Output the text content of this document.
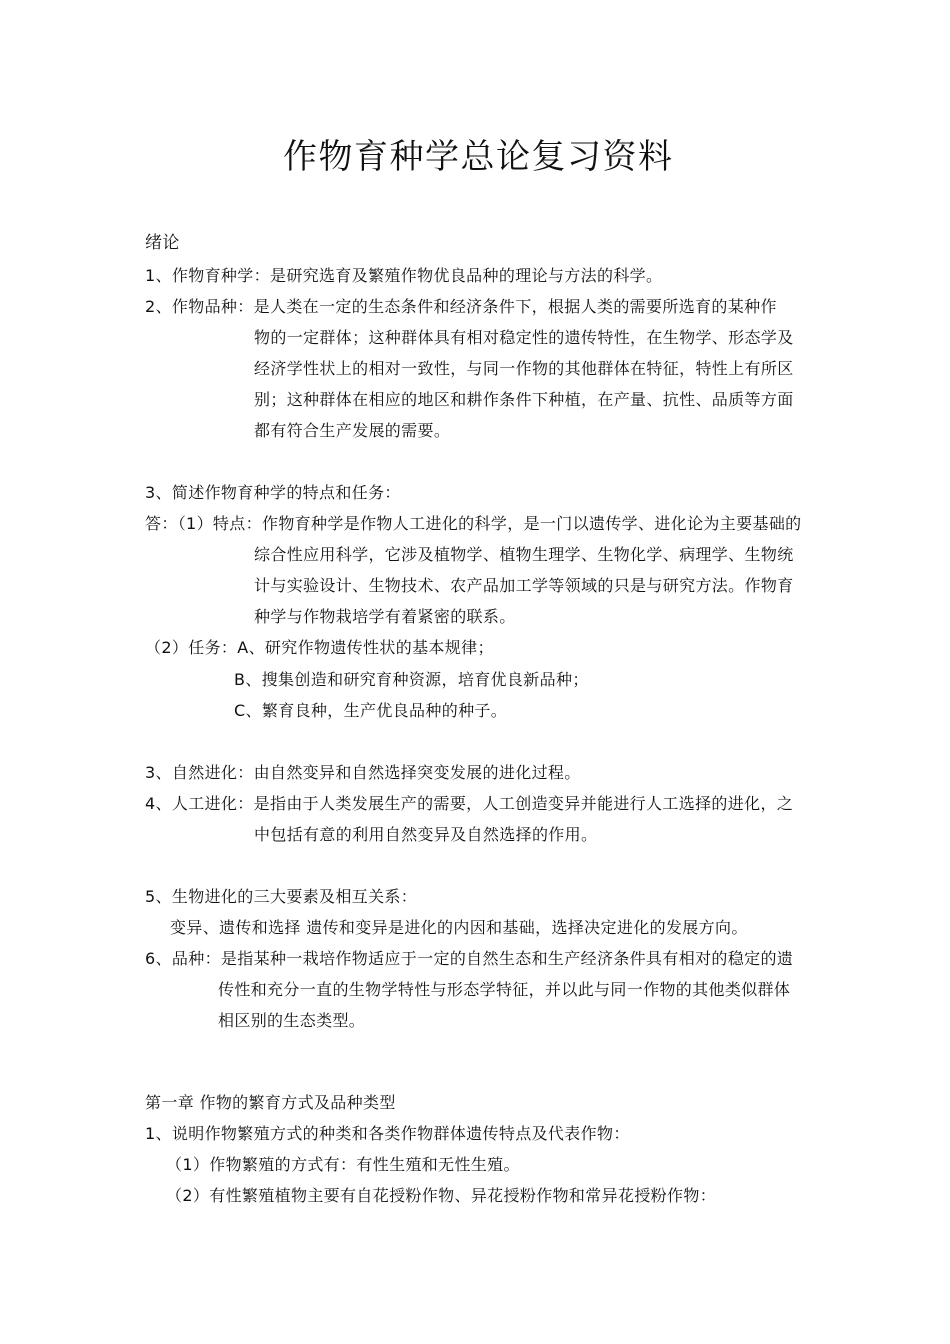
作物育种学总论复习资料
绪论
1、作物育种学：是研究选育及繁殖作物优良品种的理论与方法的科学。
2、作物品种：是人类在一定的生态条件和经济条件下，根据人类的需要所选育的某种作
物的一定群体；这种群体具有相对稳定性的遗传特性，在生物学、形态学及
经济学性状上的相对一致性，与同一作物的其他群体在特征，特性上有所区
别；这种群体在相应的地区和耕作条件下种植，在产量、抗性、品质等方面
都有符合生产发展的需要。
3、简述作物育种学的特点和任务：
答：（1）特点：作物育种学是作物人工进化的科学，是一门以遗传学、进化论为主要基础的
综合性应用科学，它涉及植物学、植物生理学、生物化学、病理学、生物统
计与实验设计、生物技术、农产品加工学等领域的只是与研究方法。作物育
种学与作物栽培学有着紧密的联系。
（2）任务：A、研究作物遗传性状的基本规律；
B、搜集创造和研究育种资源，培育优良新品种；
C、繁育良种，生产优良品种的种子。
3、自然进化：由自然变异和自然选择突变发展的进化过程。
4、人工进化：是指由于人类发展生产的需要，人工创造变异并能进行人工选择的进化，之
中包括有意的利用自然变异及自然选择的作用。
5、生物进化的三大要素及相互关系：
变异、遗传和选择 遗传和变异是进化的内因和基础，选择决定进化的发展方向。
6、品种：是指某种一栽培作物适应于一定的自然生态和生产经济条件具有相对的稳定的遗
传性和充分一直的生物学特性与形态学特征，并以此与同一作物的其他类似群体
相区别的生态类型。
第一章 作物的繁育方式及品种类型
1、说明作物繁殖方式的种类和各类作物群体遗传特点及代表作物：
（1）作物繁殖的方式有：有性生殖和无性生殖。
（2）有性繁殖植物主要有自花授粉作物、异花授粉作物和常异花授粉作物：
